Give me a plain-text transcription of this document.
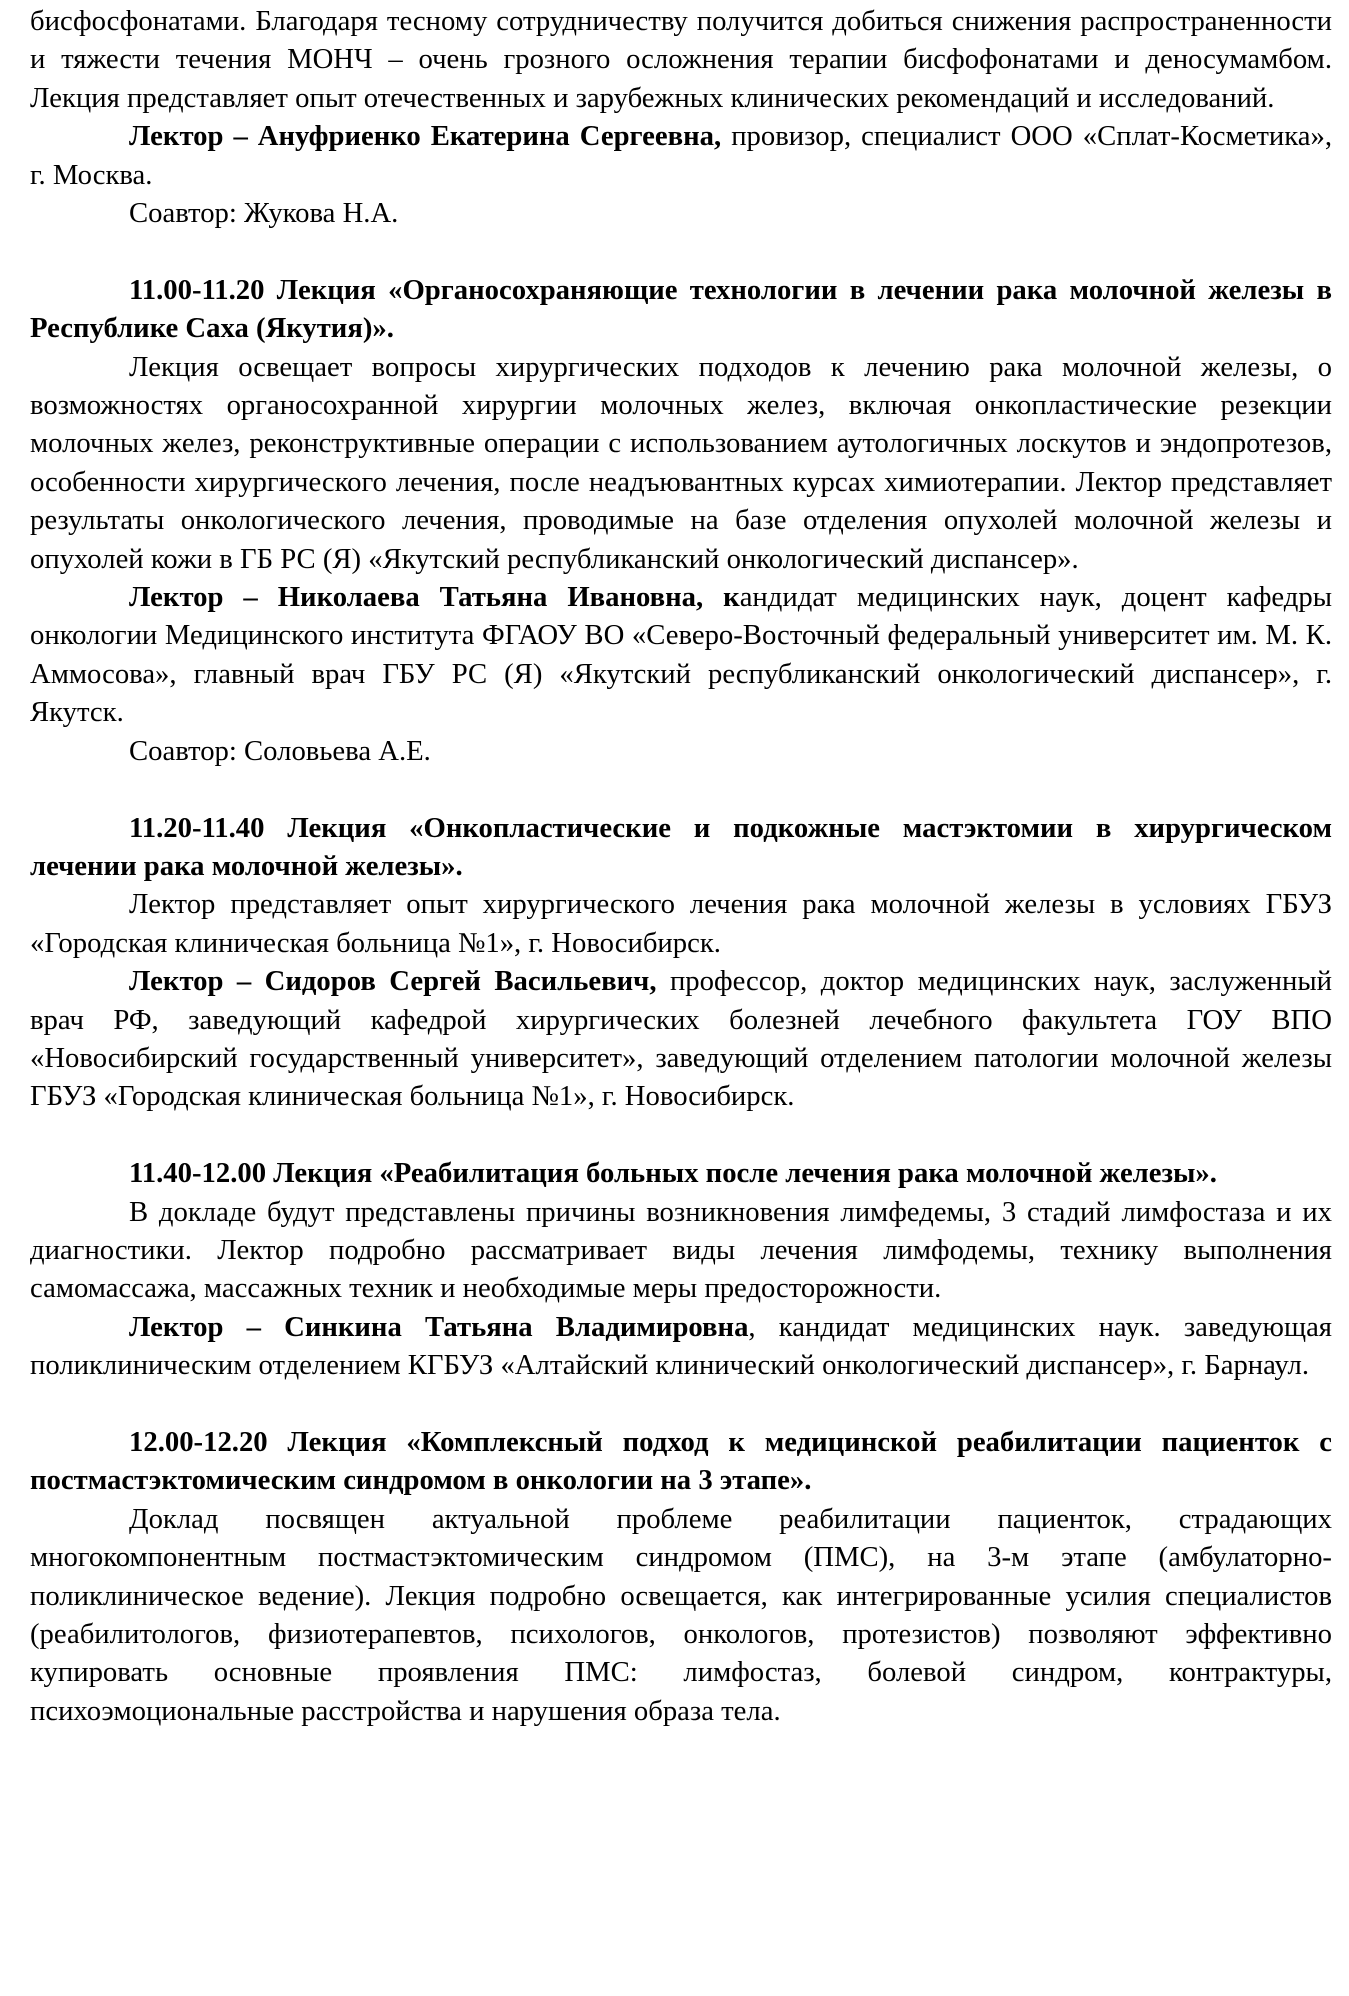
бисфосфонатами. Благодаря тесному сотрудничеству получится добиться снижения распространенности и тяжести течения МОНЧ – очень грозного осложнения терапии бисфофонатами и деносумамбом. Лекция представляет опыт отечественных и зарубежных клинических рекомендаций и исследований.

Лектор – Ануфриенко Екатерина Сергеевна, провизор, специалист ООО «Сплат-Косметика», г. Москва.

Соавтор: Жукова Н.А.

11.00-11.20 Лекция «Органосохраняющие технологии в лечении рака молочной железы в Республике Саха (Якутия)».

Лекция освещает вопросы хирургических подходов к лечению рака молочной железы, о возможностях органосохранной хирургии молочных желез, включая онкопластические резекции молочных желез, реконструктивные операции с использованием аутологичных лоскутов и эндопротезов, особенности хирургического лечения, после неадъювантных курсах химиотерапии. Лектор представляет результаты онкологического лечения, проводимые на базе отделения опухолей молочной железы и опухолей кожи в ГБ РС (Я) «Якутский республиканский онкологический диспансер».

Лектор – Николаева Татьяна Ивановна, кандидат медицинских наук, доцент кафедры онкологии Медицинского института ФГАОУ ВО «Северо-Восточный федеральный университет им. М. К. Аммосова», главный врач ГБУ РС (Я) «Якутский республиканский онкологический диспансер», г. Якутск.

Соавтор: Соловьева А.Е.

11.20-11.40 Лекция «Онкопластические и подкожные мастэктомии в хирургическом лечении рака молочной железы».

Лектор представляет опыт хирургического лечения рака молочной железы в условиях ГБУЗ «Городская клиническая больница №1», г. Новосибирск.

Лектор – Сидоров Сергей Васильевич, профессор, доктор медицинских наук, заслуженный врач РФ, заведующий кафедрой хирургических болезней лечебного факультета ГОУ ВПО «Новосибирский государственный университет», заведующий отделением патологии молочной железы ГБУЗ «Городская клиническая больница №1», г. Новосибирск.

11.40-12.00 Лекция «Реабилитация больных после лечения рака молочной железы».

В докладе будут представлены причины возникновения лимфедемы, 3 стадий лимфостаза и их диагностики. Лектор подробно рассматривает виды лечения лимфодемы, технику выполнения самомассажа, массажных техник и необходимые меры предосторожности.

Лектор – Синкина Татьяна Владимировна, кандидат медицинских наук. заведующая поликлиническим отделением КГБУЗ «Алтайский клинический онкологический диспансер», г. Барнаул.

12.00-12.20 Лекция «Комплексный подход к медицинской реабилитации пациенток с постмастэктомическим синдромом в онкологии на 3 этапе».

Доклад посвящен актуальной проблеме реабилитации пациенток, страдающих многокомпонентным постмастэктомическим синдромом (ПМС), на 3-м этапе (амбулаторно-поликлиническое ведение). Лекция подробно освещается, как интегрированные усилия специалистов (реабилитологов, физиотерапевтов, психологов, онкологов, протезистов) позволяют эффективно купировать основные проявления ПМС: лимфостаз, болевой синдром, контрактуры, психоэмоциональные расстройства и нарушения образа тела.
